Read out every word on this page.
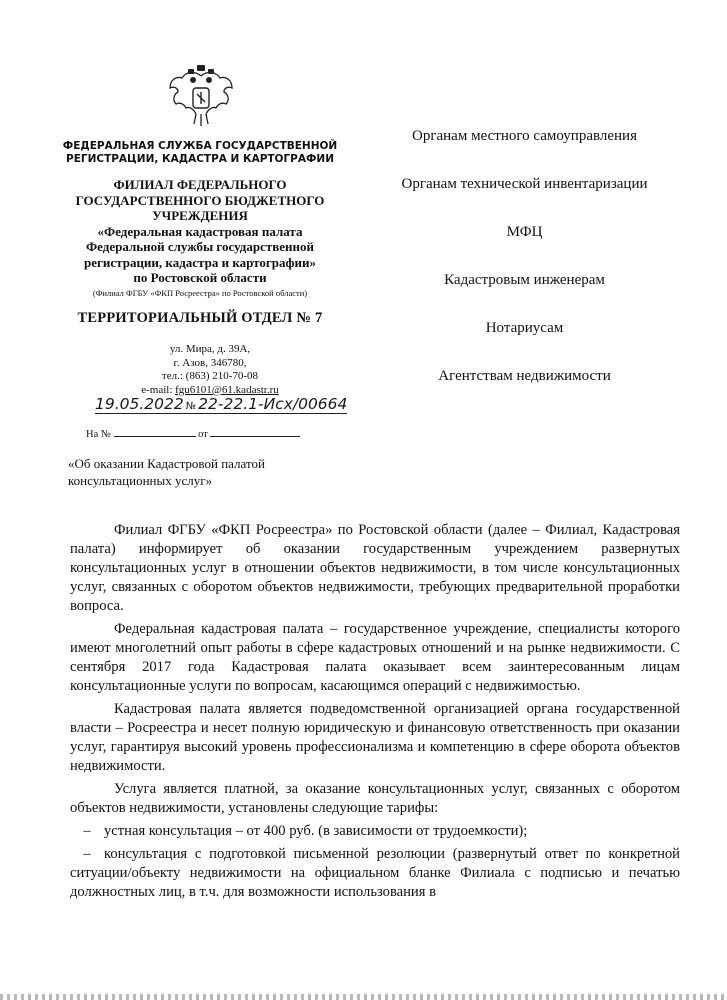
ФЕДЕРАЛЬНАЯ СЛУЖБА ГОСУДАРСТВЕННОЙ
РЕГИСТРАЦИИ, КАДАСТРА И КАРТОГРАФИИ
ФИЛИАЛ ФЕДЕРАЛЬНОГО
ГОСУДАРСТВЕННОГО БЮДЖЕТНОГО
УЧРЕЖДЕНИЯ
«Федеральная кадастровая палата
Федеральной службы государственной
регистрации, кадастра и картографии»
по Ростовской области
(Филиал ФГБУ «ФКП Росреестра» по Ростовской области)
ТЕРРИТОРИАЛЬНЫЙ ОТДЕЛ № 7
ул. Мира, д. 39А,
г. Азов, 346780,
тел.: (863) 210-70-08
e-mail: fgu6101@61.kadastr.ru
19.05.2022 № 22-22.1-Исх/00664
На №	от
«Об оказании Кадастровой палатой
консультационных услуг»
Органам местного самоуправления
Органам технической инвентаризации
МФЦ
Кадастровым инженерам
Нотариусам
Агентствам недвижимости

Филиал ФГБУ «ФКП Росреестра» по Ростовской области (далее – Филиал, Кадастровая палата) информирует об оказании государственным учреждением развернутых консультационных услуг в отношении объектов недвижимости, в том числе консультационных услуг, связанных с оборотом объектов недвижимости, требующих предварительной проработки вопроса.

Федеральная кадастровая палата – государственное учреждение, специалисты которого имеют многолетний опыт работы в сфере кадастровых отношений и на рынке недвижимости. С сентября 2017 года Кадастровая палата оказывает всем заинтересованным лицам консультационные услуги по вопросам, касающимся операций с недвижимостью.

Кадастровая палата является подведомственной организацией органа государственной власти – Росреестра и несет полную юридическую и финансовую ответственность при оказании услуг, гарантируя высокий уровень профессионализма и компетенцию в сфере оборота объектов недвижимости.

Услуга является платной, за оказание консультационных услуг, связанных с оборотом объектов недвижимости, установлены следующие тарифы:

– устная консультация – от 400 руб. (в зависимости от трудоемкости);

– консультация с подготовкой письменной резолюции (развернутый ответ по конкретной ситуации/объекту недвижимости на официальном бланке Филиала с подписью и печатью должностных лиц, в т.ч. для возможности использования в
